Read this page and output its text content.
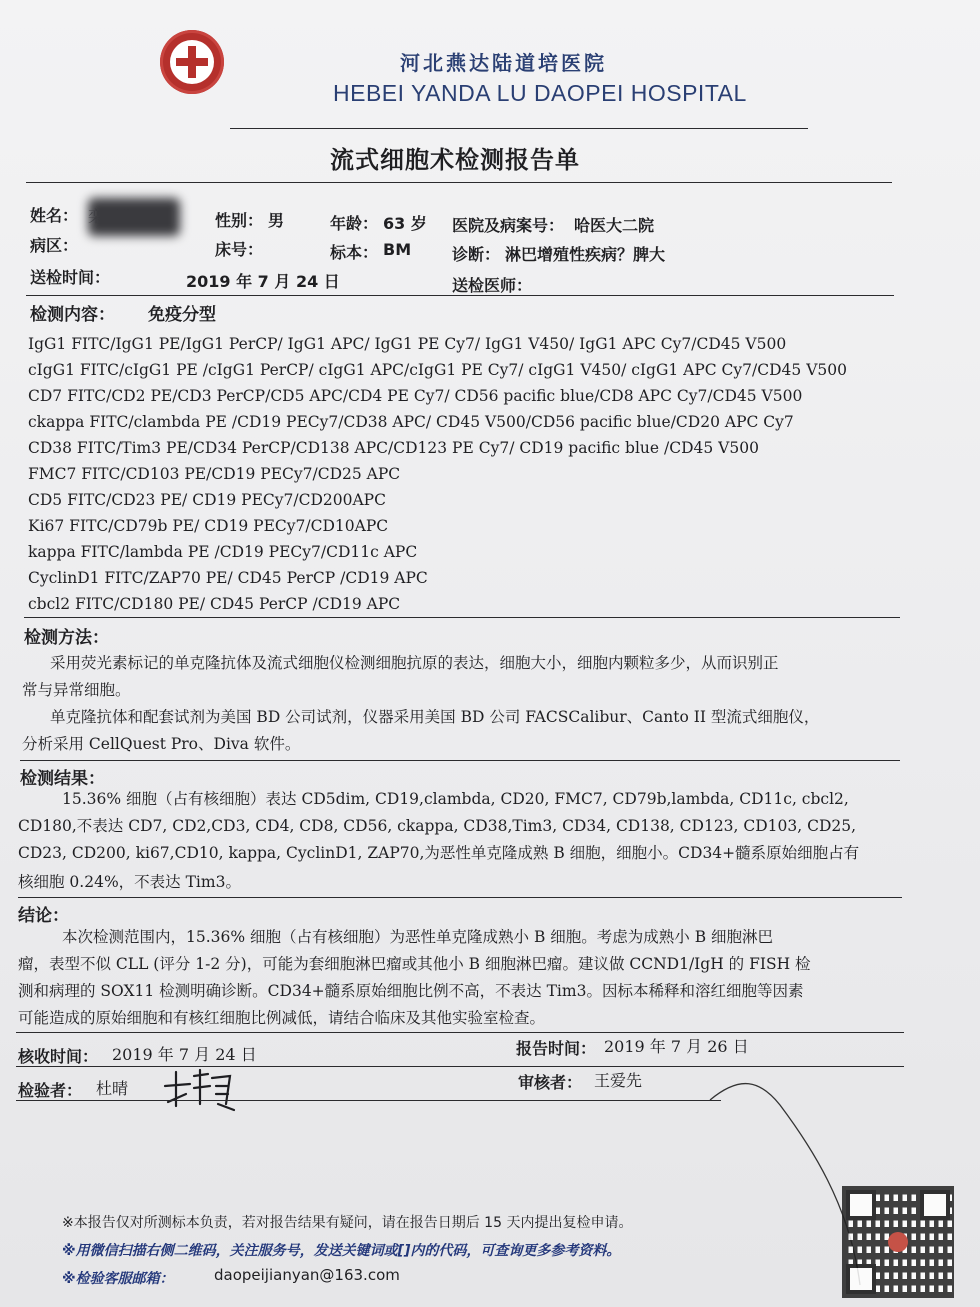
河北燕达陆道培医院
HEBEI YANDA LU DAOPEI HOSPITAL
流式细胞术检测报告单
姓名：	性别： 男	年龄： 63 岁 医院及病案号： 哈医大二院
病区：	床号：	标本： BM	诊断： 淋巴增殖性疾病？脾大
送检时间：	2019 年 7 月 24 日	送检医师：
检测内容： 免疫分型
IgG1 FITC/IgG1 PE/IgG1 PerCP/ IgG1 APC/ IgG1 PE Cy7/ IgG1 V450/ IgG1 APC Cy7/CD45 V500
cIgG1 FITC/cIgG1 PE /cIgG1 PerCP/ cIgG1 APC/cIgG1 PE Cy7/ cIgG1 V450/ cIgG1 APC Cy7/CD45 V500
CD7 FITC/CD2 PE/CD3 PerCP/CD5 APC/CD4 PE Cy7/ CD56 pacific blue/CD8 APC Cy7/CD45 V500
ckappa FITC/clambda PE /CD19 PECy7/CD38 APC/ CD45 V500/CD56 pacific blue/CD20 APC Cy7
CD38 FITC/Tim3 PE/CD34 PerCP/CD138 APC/CD123 PE Cy7/ CD19 pacific blue /CD45 V500
FMC7 FITC/CD103 PE/CD19 PECy7/CD25 APC
CD5 FITC/CD23 PE/ CD19 PECy7/CD200APC
Ki67 FITC/CD79b PE/ CD19 PECy7/CD10APC
kappa FITC/lambda PE /CD19 PECy7/CD11c APC
CyclinD1 FITC/ZAP70 PE/ CD45 PerCP /CD19 APC
cbcl2 FITC/CD180 PE/ CD45 PerCP /CD19 APC
检测方法：
采用荧光素标记的单克隆抗体及流式细胞仪检测细胞抗原的表达，细胞大小，细胞内颗粒多少，从而识别正
常与异常细胞。
单克隆抗体和配套试剂为美国 BD 公司试剂，仪器采用美国 BD 公司 FACSCalibur、Canto II 型流式细胞仪，
分析采用 CellQuest Pro、Diva 软件。
检测结果：
15.36% 细胞（占有核细胞）表达 CD5dim, CD19,clambda, CD20, FMC7, CD79b,lambda, CD11c, cbcl2,
CD180,不表达 CD7, CD2,CD3, CD4, CD8, CD56, ckappa, CD38,Tim3, CD34, CD138, CD123, CD103, CD25,
CD23, CD200, ki67,CD10, kappa, CyclinD1, ZAP70,为恶性单克隆成熟 B 细胞，细胞小。CD34+髓系原始细胞占有
核细胞 0.24%，不表达 Tim3。
结论：
本次检测范围内，15.36% 细胞（占有核细胞）为恶性单克隆成熟小 B 细胞。考虑为成熟小 B 细胞淋巴
瘤，表型不似 CLL (评分 1-2 分)，可能为套细胞淋巴瘤或其他小 B 细胞淋巴瘤。建议做 CCND1/IgH 的 FISH 检
测和病理的 SOX11 检测明确诊断。CD34+髓系原始细胞比例不高，不表达 Tim3。因标本稀释和溶红细胞等因素
可能造成的原始细胞和有核红细胞比例减低，请结合临床及其他实验室检查。
核收时间： 2019 年 7 月 24 日	报告时间： 2019 年 7 月 26 日
检验者： 杜晴	审核者： 王爱先
※本报告仅对所测标本负责，若对报告结果有疑问，请在报告日期后 15 天内提出复检申请。
※用微信扫描右侧二维码，关注服务号，发送关键词或[]内的代码，可查询更多参考资料。
※检验客服邮箱：	daopeijianyan@163.com
